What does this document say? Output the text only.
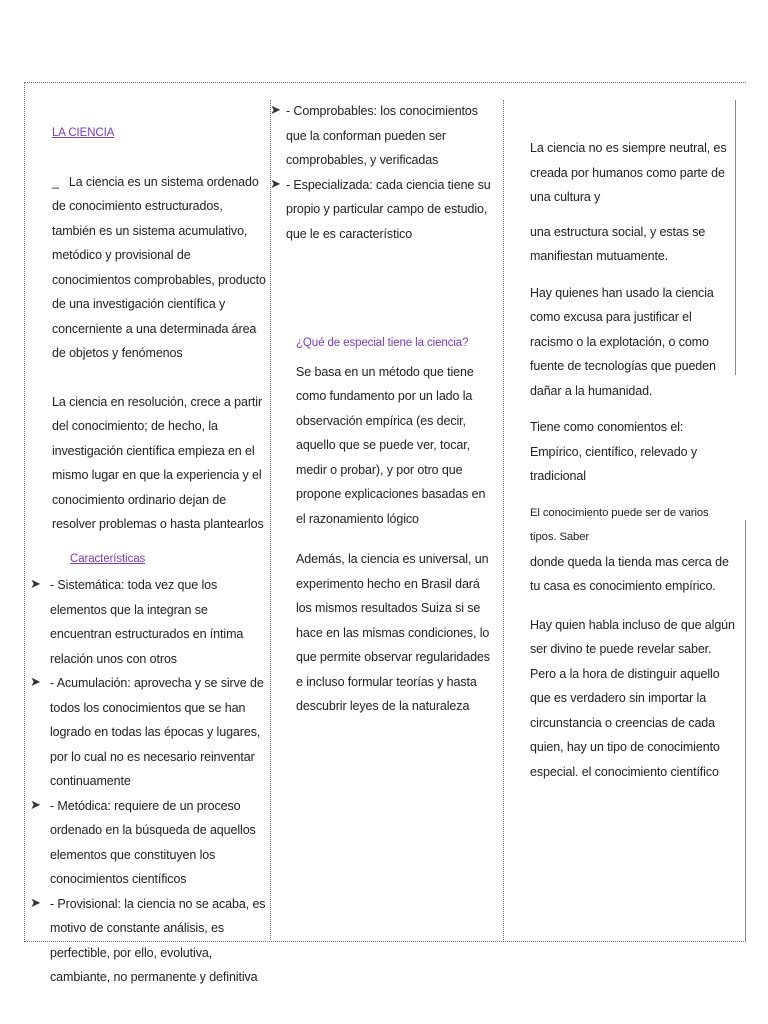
LA CIENCIA

_ La ciencia es un sistema ordenado de conocimiento estructurados, también es un sistema acumulativo, metódico y provisional de conocimientos comprobables, producto de una investigación científica y concerniente a una determinada área de objetos y fenómenos

La ciencia en resolución, crece a partir del conocimiento; de hecho, la investigación científica empieza en el mismo lugar en que la experiencia y el conocimiento ordinario dejan de resolver problemas o hasta plantearlos

Características

➤ - Sistemática: toda vez que los elementos que la integran se encuentran estructurados en íntima relación unos con otros
➤ - Acumulación: aprovecha y se sirve de todos los conocimientos que se han logrado en todas las épocas y lugares, por lo cual no es necesario reinventar continuamente
➤ - Metódica: requiere de un proceso ordenado en la búsqueda de aquellos elementos que constituyen los conocimientos científicos
➤ - Provisional: la ciencia no se acaba, es motivo de constante análisis, es perfectible, por ello, evolutiva, cambiante, no permanente y definitiva
➤ - Comprobables: los conocimientos que la conforman pueden ser comprobables, y verificadas
➤ - Especializada: cada ciencia tiene su propio y particular campo de estudio, que le es característico

¿Qué de especial tiene la ciencia?

Se basa en un método que tiene como fundamento por un lado la observación empírica (es decir, aquello que se puede ver, tocar, medir o probar), y por otro que propone explicaciones basadas en el razonamiento lógico

Además, la ciencia es universal, un experimento hecho en Brasil dará los mismos resultados Suiza si se hace en las mismas condiciones, lo que permite observar regularidades e incluso formular teorías y hasta descubrir leyes de la naturaleza

La ciencia no es siempre neutral, es creada por humanos como parte de una cultura y

una estructura social, y estas se manifiestan mutuamente.

Hay quienes han usado la ciencia como excusa para justificar el racismo o la explotación, o como fuente de tecnologías que pueden dañar a la humanidad.

Tiene como conomientos el: Empírico, científico, relevado y tradicional

El conocimiento puede ser de varios tipos. Saber

donde queda la tienda mas cerca de tu casa es conocimiento empírico.

Hay quien habla incluso de que algún ser divino te puede revelar saber. Pero a la hora de distinguir aquello que es verdadero sin importar la circunstancia o creencias de cada quien, hay un tipo de conocimiento especial. el conocimiento científico
